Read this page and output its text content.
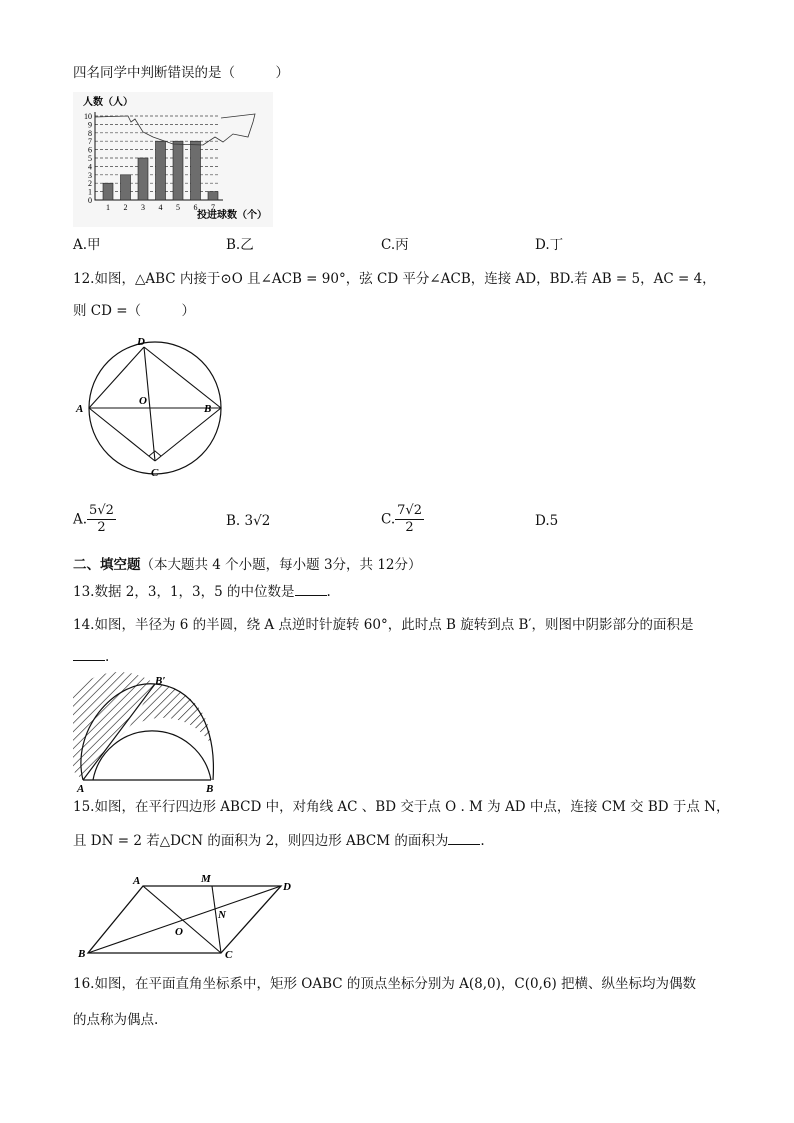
四名同学中判断错误的是（　　　）
人数（人）
0
1
2
3
4
5
6
7
8
9
10
1 2 3 4 5 6 7
投进球数（个）
A.甲	B.乙	C.丙	D.丁
12.如图，△ABC 内接于⊙O 且∠ACB = 90°，弦 CD 平分∠ACB，连接 AD，BD.若 AB = 5，AC = 4，
则 CD =（　　　）
D
A
O
B
C
A. $\frac{5√2}{2}$	B. 3√2	C. $\frac{7√2}{2}$	D.5
二、填空题（本大题共 4 个小题，每小题 3分，共 12分）
13.数据 2，3，1，3，5 的中位数是 .
14.如图，半径为 6 的半圆，绕 A 点逆时针旋转 60°，此时点 B 旋转到点 B′，则图中阴影部分的面积是
.
B′
A	B
15.如图，在平行四边形 ABCD 中，对角线 AC 、BD 交于点 O . M 为 AD 中点，连接 CM 交 BD 于点 N，
且 DN = 2 若△DCN 的面积为 2，则四边形 ABCM 的面积为 .
A	M
D
N
O
B	C
16.如图，在平面直角坐标系中，矩形 OABC 的顶点坐标分别为 A(8,0)，C(0,6) 把横、纵坐标均为偶数
的点称为偶点.
